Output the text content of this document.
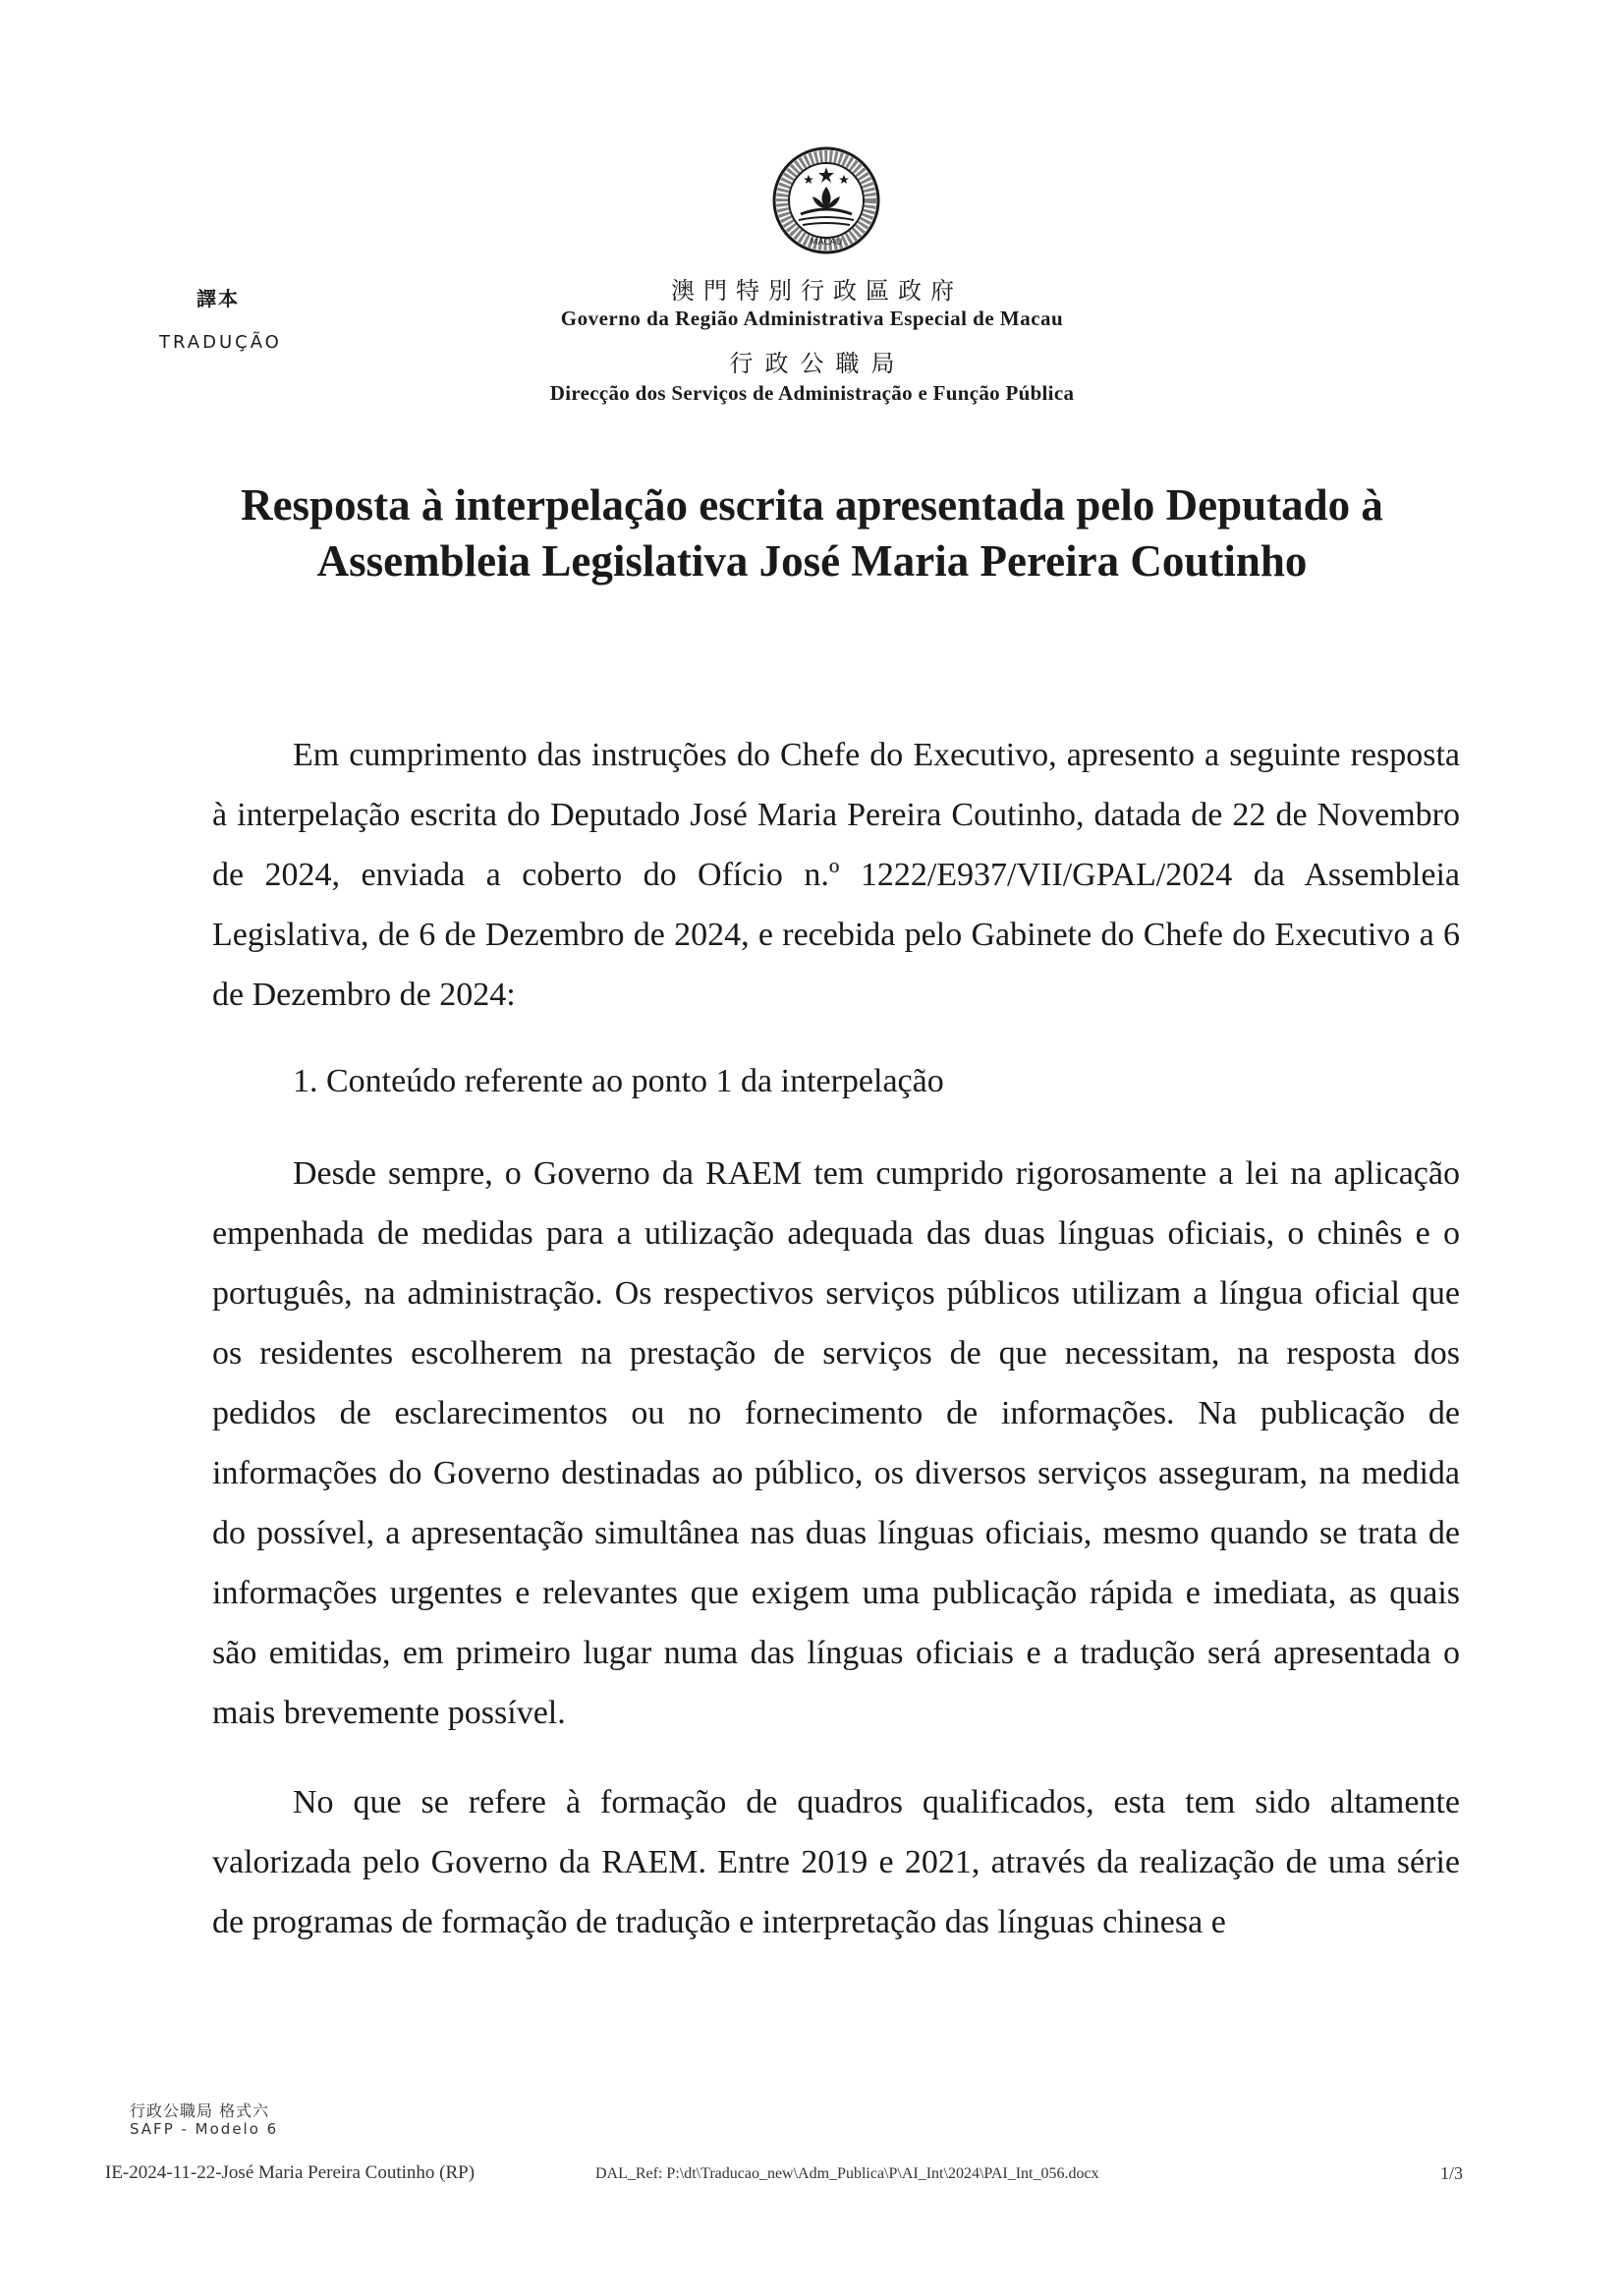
MACAU
譯本
TRADUÇÃO
澳門特別行政區政府
Governo da Região Administrativa Especial de Macau
行政公職局
Direcção dos Serviços de Administração e Função Pública
Resposta à interpelação escrita apresentada pelo Deputado à Assembleia Legislativa José Maria Pereira Coutinho
Em cumprimento das instruções do Chefe do Executivo, apresento a seguinte resposta à interpelação escrita do Deputado José Maria Pereira Coutinho, datada de 22 de Novembro de 2024, enviada a coberto do Ofício n.º 1222/E937/VII/GPAL/2024 da Assembleia Legislativa, de 6 de Dezembro de 2024, e recebida pelo Gabinete do Chefe do Executivo a 6 de Dezembro de 2024:
1. Conteúdo referente ao ponto 1 da interpelação
Desde sempre, o Governo da RAEM tem cumprido rigorosamente a lei na aplicação empenhada de medidas para a utilização adequada das duas línguas oficiais, o chinês e o português, na administração. Os respectivos serviços públicos utilizam a língua oficial que os residentes escolherem na prestação de serviços de que necessitam, na resposta dos pedidos de esclarecimentos ou no fornecimento de informações. Na publicação de informações do Governo destinadas ao público, os diversos serviços asseguram, na medida do possível, a apresentação simultânea nas duas línguas oficiais, mesmo quando se trata de informações urgentes e relevantes que exigem uma publicação rápida e imediata, as quais são emitidas, em primeiro lugar numa das línguas oficiais e a tradução será apresentada o mais brevemente possível.
No que se refere à formação de quadros qualificados, esta tem sido altamente valorizada pelo Governo da RAEM. Entre 2019 e 2021, através da realização de uma série de programas de formação de tradução e interpretação das línguas chinesa e
行政公職局 格式六
SAFP - Modelo 6
IE-2024-11-22-José Maria Pereira Coutinho (RP)	DAL_Ref: P:\dt\Traducao_new\Adm_Publica\P\AI_Int\2024\PAI_Int_056.docx	1/3
